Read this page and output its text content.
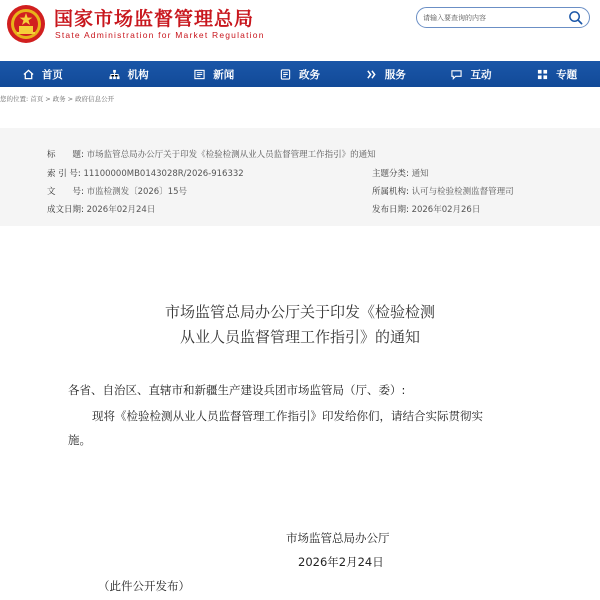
国家市场监督管理总局
State Administration for Market Regulation
请输入要查询的内容
首页	机构	新闻	政务	服务	互动	专题
您的位置: 首页 > 政务 > 政府信息公开
标　　题: 市场监管总局办公厅关于印发《检验检测从业人员监督管理工作指引》的通知
索 引 号: 11100000MB0143028R/2026-916332	主题分类: 通知
文　　号: 市监检测发〔2026〕15号	所属机构: 认可与检验检测监督管理司
成文日期: 2026年02月24日	发布日期: 2026年02月26日
市场监管总局办公厅关于印发《检验检测
从业人员监督管理工作指引》的通知
各省、自治区、直辖市和新疆生产建设兵团市场监管局（厅、委）:
现将《检验检测从业人员监督管理工作指引》印发给你们，请结合实际贯彻实
施。
市场监管总局办公厅
2026年2月24日
（此件公开发布）
